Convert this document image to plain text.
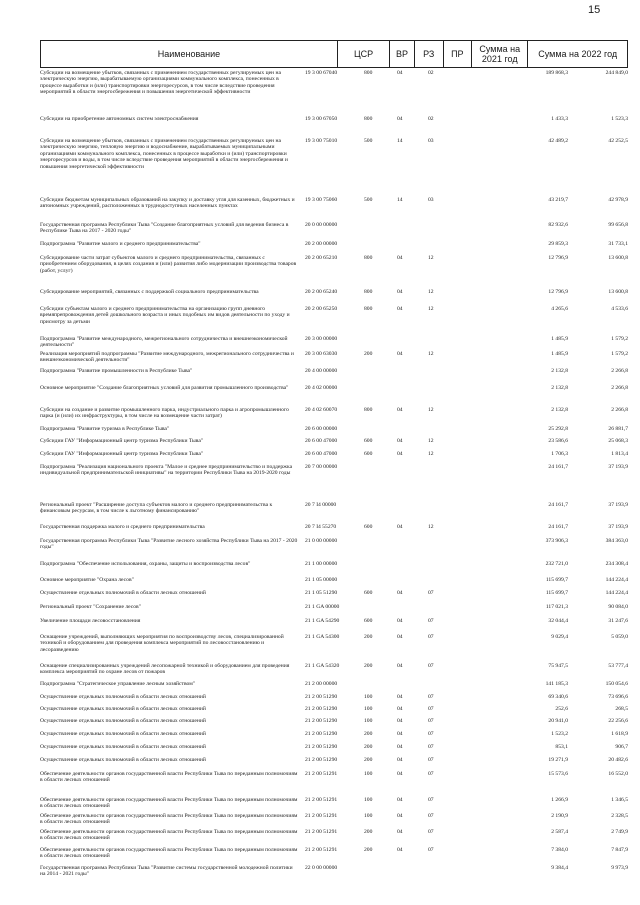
15
Наименование	ЦСР	ВР	РЗ	ПР	Сумма на 2021 год	Сумма на 2022 год
Субсидии на возмещение убытков, связанных с применением государственных регулируемых цен на электрическую энергию, вырабатываемую организациями коммунального комплекса, понесенных в процессе выработки и (или) транспортировки энергоресурсов, в том числе вследствие проведения мероприятий в области энергосбережения и повышения энергетической эффективности
19 3 00 67040	800	04	02	189 868,3	244 849,0
Субсидии на приобретение автономных систем электроснабжения	19 3 00 67050	800	04	02	1 433,3	1 523,3
Субсидии на возмещение убытков, связанных с применением государственных регулируемых цен на электрическую энергию, тепловую энергию и водоснабжение, вырабатываемых муниципальными организациями коммунального комплекса, понесенных в процессе выработки и (или) транспортировки энергоресурсов и воды, в том числе вследствие проведения мероприятий в области энергосбережения и повышения энергетической эффективности
19 3 00 75010	500	14	03	42 489,2	42 252,5
Субсидии бюджетам муниципальных образований на закупку и доставку угля для казенных, бюджетных и автономных учреждений, расположенных в труднодоступных населенных пунктах
19 3 00 75060	500	14	03	43 219,7	42 978,9
Государственная программа Республики Тыва "Создание благоприятных условий для ведения бизнеса в Республике Тыва на 2017 - 2020 годы"
20 0 00 00000	82 932,6	99 656,8
Подпрограмма "Развитие малого и среднего предпринимательства"	20 2 00 00000	29 859,3	31 733,1
Субсидирование части затрат субъектов малого и среднего предпринимательства, связанных с приобретением оборудования, в целях создания и (или) развития либо модернизации производства товаров (работ, услуг)
20 2 00 65210	800	04	12	12 796,9	13 600,8
Субсидирование мероприятий, связанных с поддержкой социального предпринимательства	20 2 00 65240	800	04	12	12 796,9	13 600,8
Субсидии субъектам малого и среднего предпринимательства на организацию групп дневного времяпрепровождения детей дошкольного возраста и иных подобных им видов деятельности по уходу и присмотру за детьми
20 2 00 65250	800	04	12	4 265,6	4 533,6
Подпрограмма "Развитие международного, межрегионального сотрудничества и внешнеэкономической деятельности"
20 3 00 00000	1 485,9	1 579,2
Реализация мероприятий подпрограммы "Развитие международного, межрегионального сотрудничества и внешнеэкономической деятельности"
20 3 00 63030	200	04	12	1 485,9	1 579,2
Подпрограмма "Развитие промышленности в Республике Тыва"	20 4 00 00000	2 132,8	2 266,8
Основное мероприятие "Создание благоприятных условий для развития промышленного производства"	20 4 02 00000	2 132,8	2 266,8
Субсидии на создание и развитие промышленного парка, индустриального парка и агропромышленного парка (и (или) их инфраструктуры, в том числе на возмещение части затрат)
20 4 02 60070	800	04	12	2 132,8	2 266,8
Подпрограмма "Развитие туризма в Республике Тыва"	20 6 00 00000	25 292,8	26 881,7
Субсидии ГАУ "Информационный центр туризма Республики Тыва"	20 6 00 47000	600	04	12	23 586,6	25 068,3
Субсидии ГАУ "Информационный центр туризма Республики Тыва"	20 6 00 47000	600	04	12	1 706,3	1 813,4
Подпрограмма "Реализация национального проекта "Малое и среднее предпринимательство и поддержка индивидуальной предпринимательской инициативы" на территории Республики Тыва на 2019-2020 годы
20 7 00 00000	24 161,7	37 193,9
Региональный проект "Расширение доступа субъектов малого и среднего предпринимательства к финансовым ресурсам, в том числе к льготному финансированию"
20 7 I4 00000	24 161,7	37 193,9
Государственная поддержка малого и среднего предпринимательства	20 7 I4 55270	600	04	12	24 161,7	37 193,9
Государственная программа Республики Тыва "Развитие лесного хозяйства Республики Тыва на 2017 - 2020 годы"
21 0 00 00000	373 906,3	384 363,0
Подпрограмма "Обеспечение использования, охраны, защиты и воспроизводства лесов"	21 1 00 00000	232 721,0	234 308,4
Основное мероприятие "Охрана лесов"	21 1 05 00000	115 699,7	144 224,4
Осуществление отдельных полномочий в области лесных отношений	21 1 05 51290	600	04	07	115 699,7	144 224,4
Региональный проект "Сохранение лесов"	21 1 GA 00000	117 021,3	90 084,0
Увеличение площади лесовосстановления	21 1 GA 54290	600	04	07	32 044,4	31 247,6
Оснащение учреждений, выполняющих мероприятия по воспроизводству лесов, специализированной техникой и оборудованием для проведения комплекса мероприятий по лесовосстановлению и лесоразведению
21 1 GA 54300	200	04	07	9 029,4	5 059,0
Оснащение специализированных учреждений лесопожарной техникой и оборудованием для проведения комплекса мероприятий по охране лесов от пожаров
21 1 GA 54320	200	04	07	75 947,5	53 777,4
Подпрограмма "Стратегическое управление лесным хозяйством"	21 2 00 00000	141 185,3	150 054,6
Осуществление отдельных полномочий в области лесных отношений	21 2 00 51290	100	04	07	69 340,6	73 696,6
Осуществление отдельных полномочий в области лесных отношений	21 2 00 51290	100	04	07	252,6	268,5
Осуществление отдельных полномочий в области лесных отношений	21 2 00 51290	100	04	07	20 941,0	22 256,6
Осуществление отдельных полномочий в области лесных отношений	21 2 00 51290	200	04	07	1 523,2	1 618,9
Осуществление отдельных полномочий в области лесных отношений	21 2 00 51290	200	04	07	853,1	906,7
Осуществление отдельных полномочий в области лесных отношений	21 2 00 51290	200	04	07	19 271,9	20 482,6
Обеспечение деятельности органов государственной власти Республики Тыва по переданным полномочиям в области лесных отношений
21 2 00 51291	100	04	07	15 573,6	16 552,0
Обеспечение деятельности органов государственной власти Республики Тыва по переданным полномочиям в области лесных отношений
21 2 00 51291	100	04	07	1 266,9	1 346,5
Обеспечение деятельности органов государственной власти Республики Тыва по переданным полномочиям в области лесных отношений
21 2 00 51291	100	04	07	2 190,9	2 328,5
Обеспечение деятельности органов государственной власти Республики Тыва по переданным полномочиям в области лесных отношений
21 2 00 51291	200	04	07	2 587,4	2 749,9
Обеспечение деятельности органов государственной власти Республики Тыва по переданным полномочиям в области лесных отношений
21 2 00 51291	200	04	07	7 384,0	7 847,9
Государственная программа Республики Тыва "Развитие системы государственной молодежной политики на 2014 - 2021 годы"
22 0 00 00000	9 384,4	9 973,9
